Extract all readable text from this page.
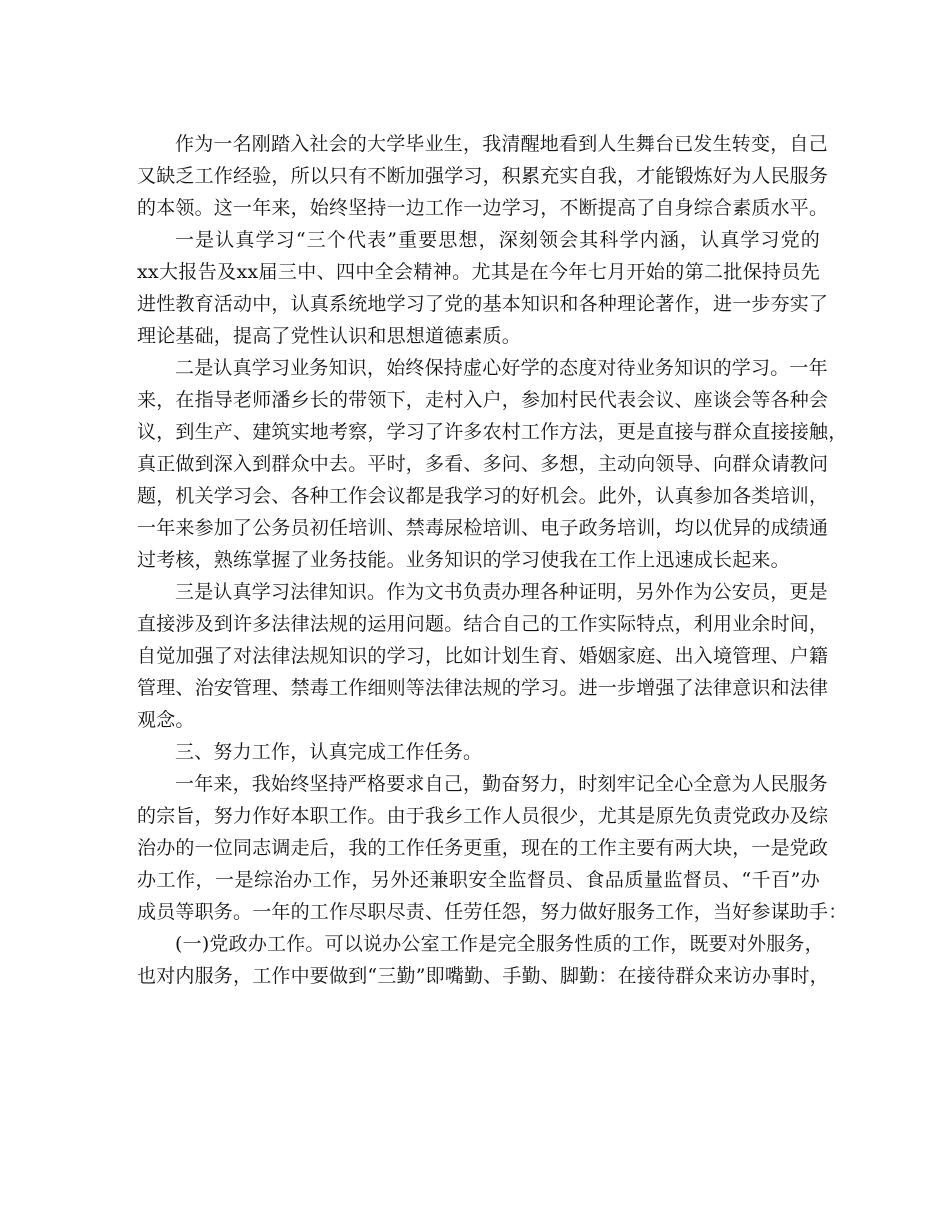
作为一名刚踏入社会的大学毕业生，我清醒地看到人生舞台已发生转变，自己
又缺乏工作经验，所以只有不断加强学习，积累充实自我，才能锻炼好为人民服务
的本领。这一年来，始终坚持一边工作一边学习，不断提高了自身综合素质水平。
一是认真学习“三个代表”重要思想，深刻领会其科学内涵，认真学习党的
xx大报告及xx届三中、四中全会精神。尤其是在今年七月开始的第二批保持员先
进性教育活动中，认真系统地学习了党的基本知识和各种理论著作，进一步夯实了
理论基础，提高了党性认识和思想道德素质。
二是认真学习业务知识，始终保持虚心好学的态度对待业务知识的学习。一年
来，在指导老师潘乡长的带领下，走村入户，参加村民代表会议、座谈会等各种会
议，到生产、建筑实地考察，学习了许多农村工作方法，更是直接与群众直接接触，
真正做到深入到群众中去。平时，多看、多问、多想，主动向领导、向群众请教问
题，机关学习会、各种工作会议都是我学习的好机会。此外，认真参加各类培训，
一年来参加了公务员初任培训、禁毒尿检培训、电子政务培训，均以优异的成绩通
过考核，熟练掌握了业务技能。业务知识的学习使我在工作上迅速成长起来。
三是认真学习法律知识。作为文书负责办理各种证明，另外作为公安员，更是
直接涉及到许多法律法规的运用问题。结合自己的工作实际特点，利用业余时间，
自觉加强了对法律法规知识的学习，比如计划生育、婚姻家庭、出入境管理、户籍
管理、治安管理、禁毒工作细则等法律法规的学习。进一步增强了法律意识和法律
观念。
三、努力工作，认真完成工作任务。
一年来，我始终坚持严格要求自己，勤奋努力，时刻牢记全心全意为人民服务
的宗旨，努力作好本职工作。由于我乡工作人员很少，尤其是原先负责党政办及综
治办的一位同志调走后，我的工作任务更重，现在的工作主要有两大块，一是党政
办工作，一是综治办工作，另外还兼职安全监督员、食品质量监督员、“千百”办
成员等职务。一年的工作尽职尽责、任劳任怨，努力做好服务工作，当好参谋助手：
(一)党政办工作。可以说办公室工作是完全服务性质的工作，既要对外服务，
也对内服务，工作中要做到“三勤”即嘴勤、手勤、脚勤：在接待群众来访办事时，
